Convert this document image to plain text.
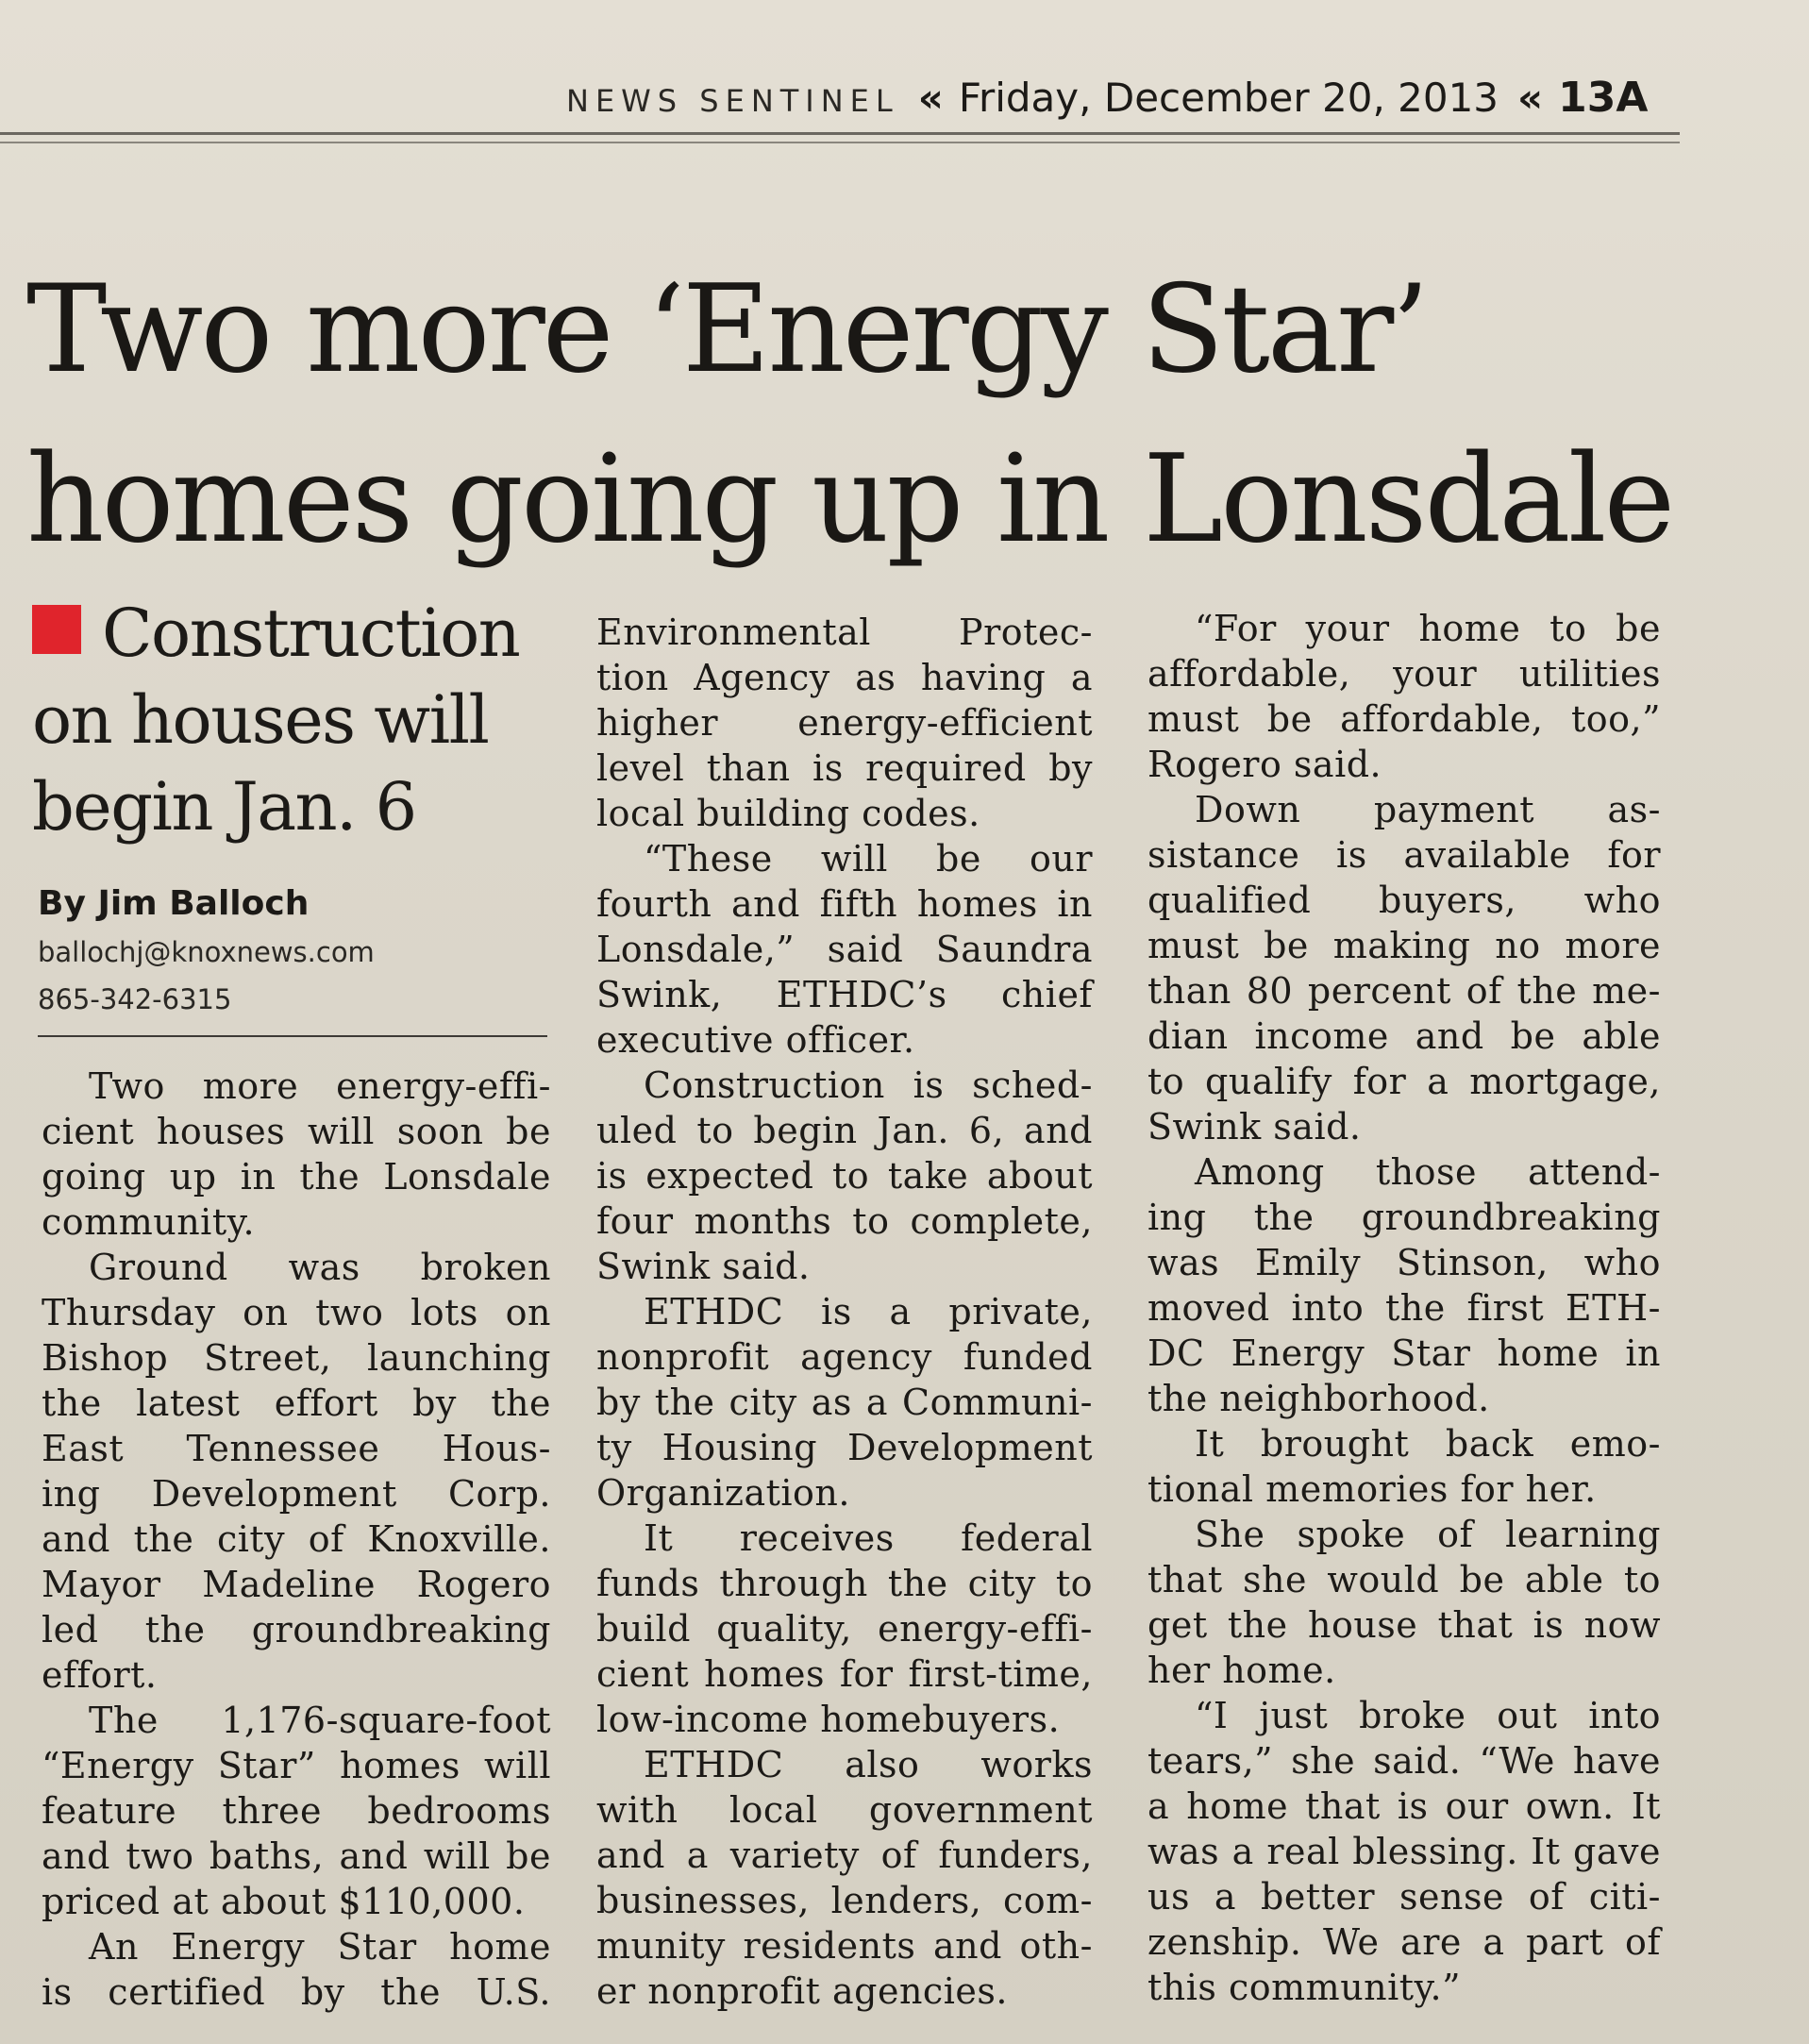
NEWS SENTINEL « Friday, December 20, 2013 « 13A
Two more ‘Energy Star’
homes going up in Lonsdale
Construction
on houses will
begin Jan. 6
By Jim Balloch
ballochj@knoxnews.com
865-342-6315
Two more energy-effi-
cient houses will soon be
going up in the Lonsdale
community.
Ground was broken
Thursday on two lots on
Bishop Street, launching
the latest effort by the
East Tennessee Hous-
ing Development Corp.
and the city of Knoxville.
Mayor Madeline Rogero
led the groundbreaking
effort.
The 1,176-square-foot
“Energy Star” homes will
feature three bedrooms
and two baths, and will be
priced at about $110,000.
An Energy Star home
is certified by the U.S.
Environmental Protec-
tion Agency as having a
higher energy-efficient
level than is required by
local building codes.
“These will be our
fourth and fifth homes in
Lonsdale,” said Saundra
Swink, ETHDC’s chief
executive officer.
Construction is sched-
uled to begin Jan. 6, and
is expected to take about
four months to complete,
Swink said.
ETHDC is a private,
nonprofit agency funded
by the city as a Communi-
ty Housing Development
Organization.
It receives federal
funds through the city to
build quality, energy-effi-
cient homes for first-time,
low-income homebuyers.
ETHDC also works
with local government
and a variety of funders,
businesses, lenders, com-
munity residents and oth-
er nonprofit agencies.
“For your home to be
affordable, your utilities
must be affordable, too,”
Rogero said.
Down payment as-
sistance is available for
qualified buyers, who
must be making no more
than 80 percent of the me-
dian income and be able
to qualify for a mortgage,
Swink said.
Among those attend-
ing the groundbreaking
was Emily Stinson, who
moved into the first ETH-
DC Energy Star home in
the neighborhood.
It brought back emo-
tional memories for her.
She spoke of learning
that she would be able to
get the house that is now
her home.
“I just broke out into
tears,” she said. “We have
a home that is our own. It
was a real blessing. It gave
us a better sense of citi-
zenship. We are a part of
this community.”
